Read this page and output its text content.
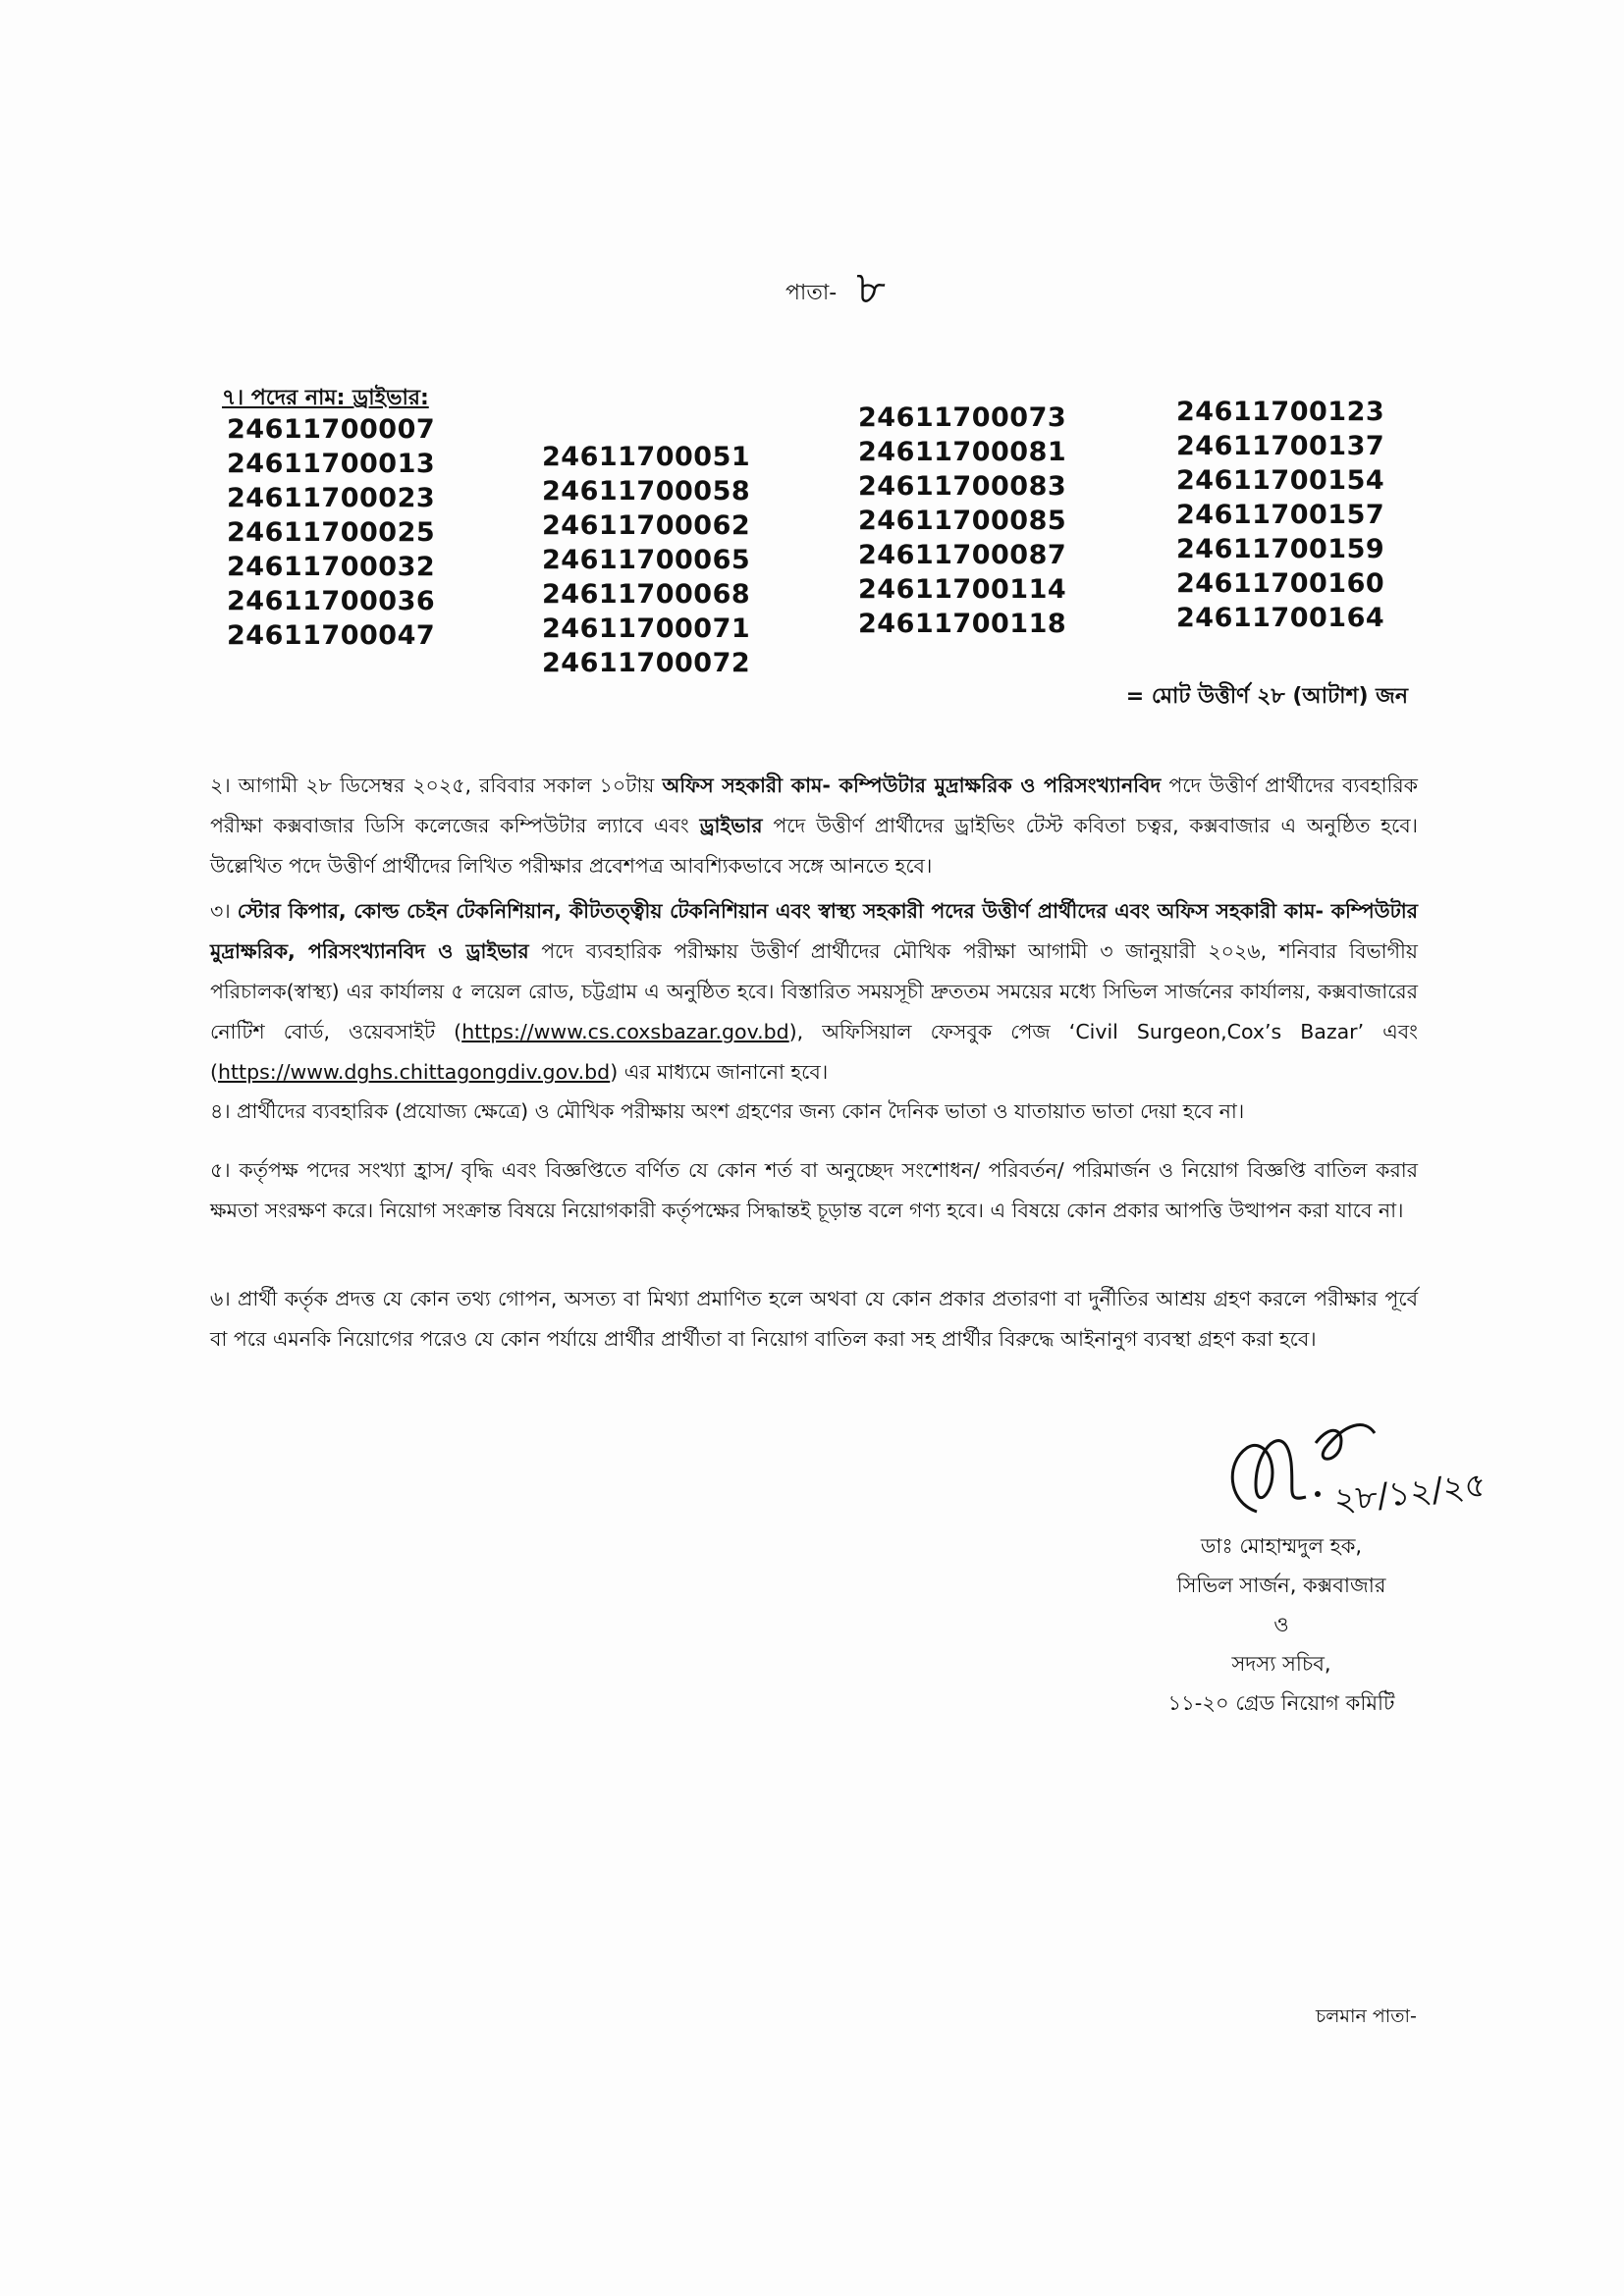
পাতা- ৮
৭। পদের নাম: ড্রাইভার:
24611700007
24611700013
24611700023
24611700025
24611700032
24611700036
24611700047
24611700051
24611700058
24611700062
24611700065
24611700068
24611700071
24611700072
24611700073
24611700081
24611700083
24611700085
24611700087
24611700114
24611700118
24611700123
24611700137
24611700154
24611700157
24611700159
24611700160
24611700164
= মোট উত্তীর্ণ ২৮ (আটাশ) জন
২। আগামী ২৮ ডিসেম্বর ২০২৫, রবিবার সকাল ১০টায় অফিস সহকারী কাম- কম্পিউটার মুদ্রাক্ষরিক ও পরিসংখ্যানবিদ পদে উত্তীর্ণ প্রার্থীদের ব্যবহারিক পরীক্ষা কক্সবাজার ডিসি কলেজের কম্পিউটার ল্যাবে এবং ড্রাইভার পদে উত্তীর্ণ প্রার্থীদের ড্রাইভিং টেস্ট কবিতা চত্বর, কক্সবাজার এ অনুষ্ঠিত হবে। উল্লেখিত পদে উত্তীর্ণ প্রার্থীদের লিখিত পরীক্ষার প্রবেশপত্র আবশ্যিকভাবে সঙ্গে আনতে হবে।
৩। স্টোর কিপার, কোল্ড চেইন টেকনিশিয়ান, কীটতত্ত্বীয় টেকনিশিয়ান এবং স্বাস্থ্য সহকারী পদের উত্তীর্ণ প্রার্থীদের এবং অফিস সহকারী কাম- কম্পিউটার মুদ্রাক্ষরিক, পরিসংখ্যানবিদ ও ড্রাইভার পদে ব্যবহারিক পরীক্ষায় উত্তীর্ণ প্রার্থীদের মৌখিক পরীক্ষা আগামী ৩ জানুয়ারী ২০২৬, শনিবার বিভাগীয় পরিচালক(স্বাস্থ্য) এর কার্যালয় ৫ লয়েল রোড, চট্টগ্রাম এ অনুষ্ঠিত হবে। বিস্তারিত সময়সূচী দ্রুততম সময়ের মধ্যে সিভিল সার্জনের কার্যালয়, কক্সবাজারের নোটিশ বোর্ড, ওয়েবসাইট (https://www.cs.coxsbazar.gov.bd), অফিসিয়াল ফেসবুক পেজ ‘Civil Surgeon,Cox’s Bazar’ এবং (https://www.dghs.chittagongdiv.gov.bd) এর মাধ্যমে জানানো হবে।
৪। প্রার্থীদের ব্যবহারিক (প্রযোজ্য ক্ষেত্রে) ও মৌখিক পরীক্ষায় অংশ গ্রহণের জন্য কোন দৈনিক ভাতা ও যাতায়াত ভাতা দেয়া হবে না।
৫। কর্তৃপক্ষ পদের সংখ্যা হ্রাস/ বৃদ্ধি এবং বিজ্ঞপ্তিতে বর্ণিত যে কোন শর্ত বা অনুচ্ছেদ সংশোধন/ পরিবর্তন/ পরিমার্জন ও নিয়োগ বিজ্ঞপ্তি বাতিল করার ক্ষমতা সংরক্ষণ করে। নিয়োগ সংক্রান্ত বিষয়ে নিয়োগকারী কর্তৃপক্ষের সিদ্ধান্তই চূড়ান্ত বলে গণ্য হবে। এ বিষয়ে কোন প্রকার আপত্তি উত্থাপন করা যাবে না।
৬। প্রার্থী কর্তৃক প্রদত্ত যে কোন তথ্য গোপন, অসত্য বা মিথ্যা প্রমাণিত হলে অথবা যে কোন প্রকার প্রতারণা বা দুর্নীতির আশ্রয় গ্রহণ করলে পরীক্ষার পূর্বে বা পরে এমনকি নিয়োগের পরেও যে কোন পর্যায়ে প্রার্থীর প্রার্থীতা বা নিয়োগ বাতিল করা সহ প্রার্থীর বিরুদ্ধে আইনানুগ ব্যবস্থা গ্রহণ করা হবে।
২৮/১২/২৫
ডাঃ মোহাম্মদুল হক,
সিভিল সার্জন, কক্সবাজার
ও
সদস্য সচিব,
১১-২০ গ্রেড নিয়োগ কমিটি
চলমান পাতা-
